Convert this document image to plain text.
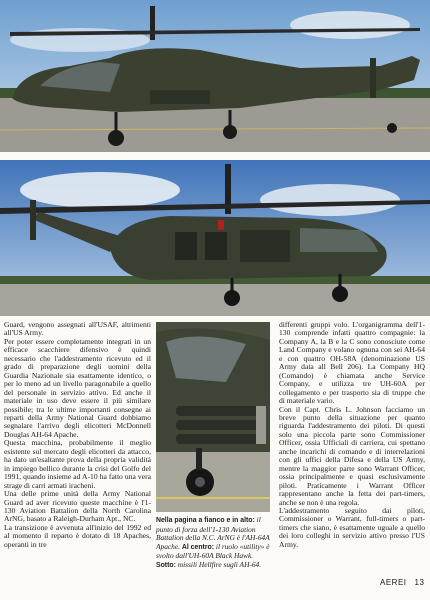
Guard, vengono assegnati all'USAF, altrimenti all'US Army.

Per poter essere completamente integrati in un efficace scacchiere difensivo è quindi necessario che l'addestramento ricevuto ed il grado di preparazione degli uomini della Guardia Nazionale sia esattamente identico, o per lo meno ad un livello paragonabile a quello del personale in servizio attivo. Ed anche il materiale in uso deve essere il più similare possibile; tra le ultime importanti consegne ai reparti della Army National Guard dobbiamo segnalare l'arrivo degli elicotteri McDonnell Douglas AH-64 Apache.

Questa macchina, probabilmente il meglio esistente sul mercato degli elicotteri da attacco, ha dato un'esaltante prova della propria validità in impiego bellico durante la crisi del Golfo del 1991, quando insieme ad A-10 ha fatto una vera strage di carri armati iracheni.

Una delle prime unità della Army National Guard ad aver ricevuto queste macchine è l'1-130 Aviation Battalion della North Carolina ArNG, basato a Raleigh-Durham Apt., NC.

La transizione è avvenuta all'inizio del 1992 ed al momento il reparto è dotato di 18 Apaches, operanti in tre

differenti gruppi volo. L'organigramma dell'1-130 comprende infatti quattro compagnie: la Company A, la B e la C sono conosciute come Land Company e volano ognuna con sei AH-64 e con quattro OH-58A (denominazione US Army data all Bell 206). La Company HQ (Comando) è chiamata anche Service Company, e utilizza tre UH-60A per collegamento e per trasporto sia di truppe che di materiale vario.

Con il Capt. Chris L. Johnson facciamo un breve punto della situazione per quanto riguarda l'addestramento dei piloti. Di questi solo una piccola parte sono Commissioner Officer, ossia Ufficiali di carriera, cui spettano anche incarichi di comando e di interrelazioni con gli uffici della Difesa e della US Army, mentre la maggior parte sono Warrant Officer, ossia principalmente e quasi esclusivamente piloti. Praticamente i Warrant Officer rappresentano anche la fetta dei part-timers, anche se non è una regola.

L'addestramento seguito dai piloti, Commissioner o Warrant, full-timers o part-timers che siano, è esattamente uguale a quello dei loro colleghi in servizio attivo presso l'US Army.

Nella pagina a fianco e in alto: il punto di forza dell'1-130 Aviation Battalion della N.C. ArNG è l'AH-64A Apache. Al centro: il ruolo «utility» è svolto dall'UH-60A Black Hawk. Sotto: missili Hellfire sugli AH-64.
AEREI 13
